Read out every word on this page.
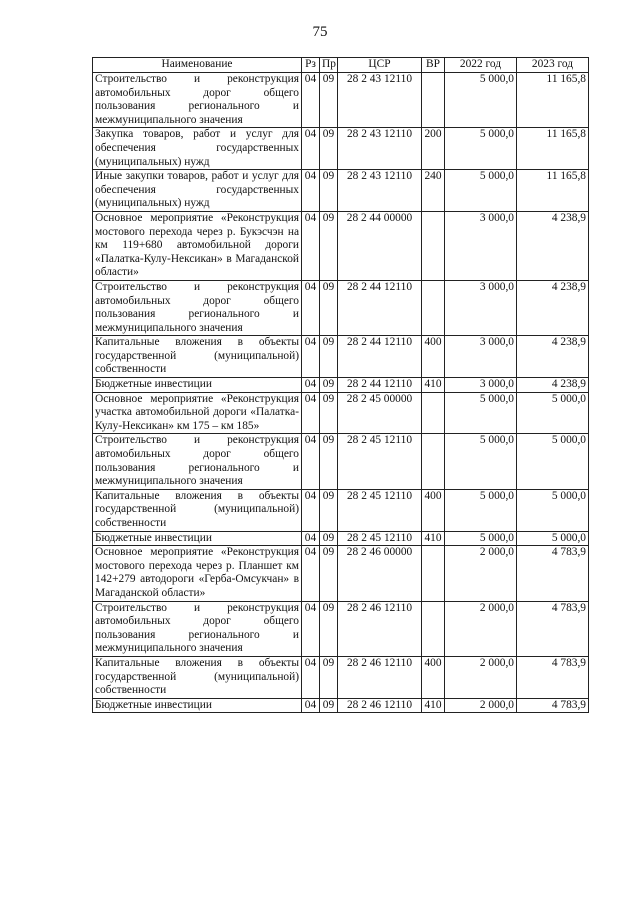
75
Наименование	Рз	Пр	ЦСР	ВР	2022 год	2023 год
Строительство и реконструкция автомобильных дорог общего пользования регионального и межмуниципального значения	04	09	28 2 43 12110		5 000,0	11 165,8
Закупка товаров, работ и услуг для обеспечения государственных (муниципальных) нужд	04	09	28 2 43 12110	200	5 000,0	11 165,8
Иные закупки товаров, работ и услуг для обеспечения государственных (муниципальных) нужд	04	09	28 2 43 12110	240	5 000,0	11 165,8
Основное мероприятие «Реконструкция мостового перехода через р. Букэсчэн на км 119+680 автомобильной дороги «Палатка-Кулу-Нексикан» в Магаданской области»	04	09	28 2 44 00000		3 000,0	4 238,9
Строительство и реконструкция автомобильных дорог общего пользования регионального и межмуниципального значения	04	09	28 2 44 12110		3 000,0	4 238,9
Капитальные вложения в объекты государственной (муниципальной) собственности	04	09	28 2 44 12110	400	3 000,0	4 238,9
Бюджетные инвестиции	04	09	28 2 44 12110	410	3 000,0	4 238,9
Основное мероприятие «Реконструкция участка автомобильной дороги «Палатка-Кулу-Нексикан» км 175 – км 185»	04	09	28 2 45 00000		5 000,0	5 000,0
Строительство и реконструкция автомобильных дорог общего пользования регионального и межмуниципального значения	04	09	28 2 45 12110		5 000,0	5 000,0
Капитальные вложения в объекты государственной (муниципальной) собственности	04	09	28 2 45 12110	400	5 000,0	5 000,0
Бюджетные инвестиции	04	09	28 2 45 12110	410	5 000,0	5 000,0
Основное мероприятие «Реконструкция мостового перехода через р. Планшет км 142+279 автодороги «Герба-Омсукчан» в Магаданской области»	04	09	28 2 46 00000		2 000,0	4 783,9
Строительство и реконструкция автомобильных дорог общего пользования регионального и межмуниципального значения	04	09	28 2 46 12110		2 000,0	4 783,9
Капитальные вложения в объекты государственной (муниципальной) собственности	04	09	28 2 46 12110	400	2 000,0	4 783,9
Бюджетные инвестиции	04	09	28 2 46 12110	410	2 000,0	4 783,9
